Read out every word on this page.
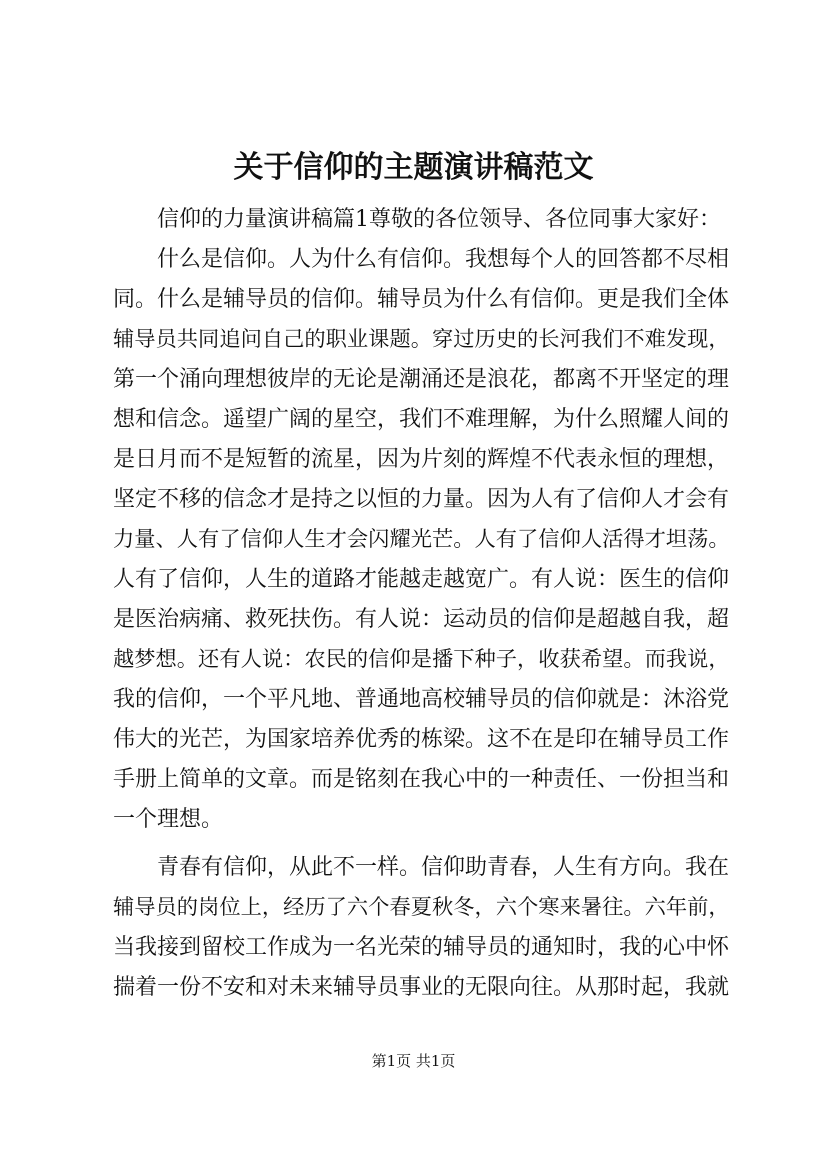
关于信仰的主题演讲稿范文
信仰的力量演讲稿篇1尊敬的各位领导、各位同事大家好：
什么是信仰。人为什么有信仰。我想每个人的回答都不尽相
同。什么是辅导员的信仰。辅导员为什么有信仰。更是我们全体
辅导员共同追问自己的职业课题。穿过历史的长河我们不难发现，
第一个涌向理想彼岸的无论是潮涌还是浪花，都离不开坚定的理
想和信念。遥望广阔的星空，我们不难理解，为什么照耀人间的
是日月而不是短暂的流星，因为片刻的辉煌不代表永恒的理想，
坚定不移的信念才是持之以恒的力量。因为人有了信仰人才会有
力量、人有了信仰人生才会闪耀光芒。人有了信仰人活得才坦荡。
人有了信仰，人生的道路才能越走越宽广。有人说：医生的信仰
是医治病痛、救死扶伤。有人说：运动员的信仰是超越自我，超
越梦想。还有人说：农民的信仰是播下种子，收获希望。而我说，
我的信仰，一个平凡地、普通地高校辅导员的信仰就是：沐浴党
伟大的光芒，为国家培养优秀的栋梁。这不在是印在辅导员工作
手册上简单的文章。而是铭刻在我心中的一种责任、一份担当和
一个理想。
青春有信仰，从此不一样。信仰助青春，人生有方向。我在
辅导员的岗位上，经历了六个春夏秋冬，六个寒来暑往。六年前，
当我接到留校工作成为一名光荣的辅导员的通知时，我的心中怀
揣着一份不安和对未来辅导员事业的无限向往。从那时起，我就
第1页 共1页
